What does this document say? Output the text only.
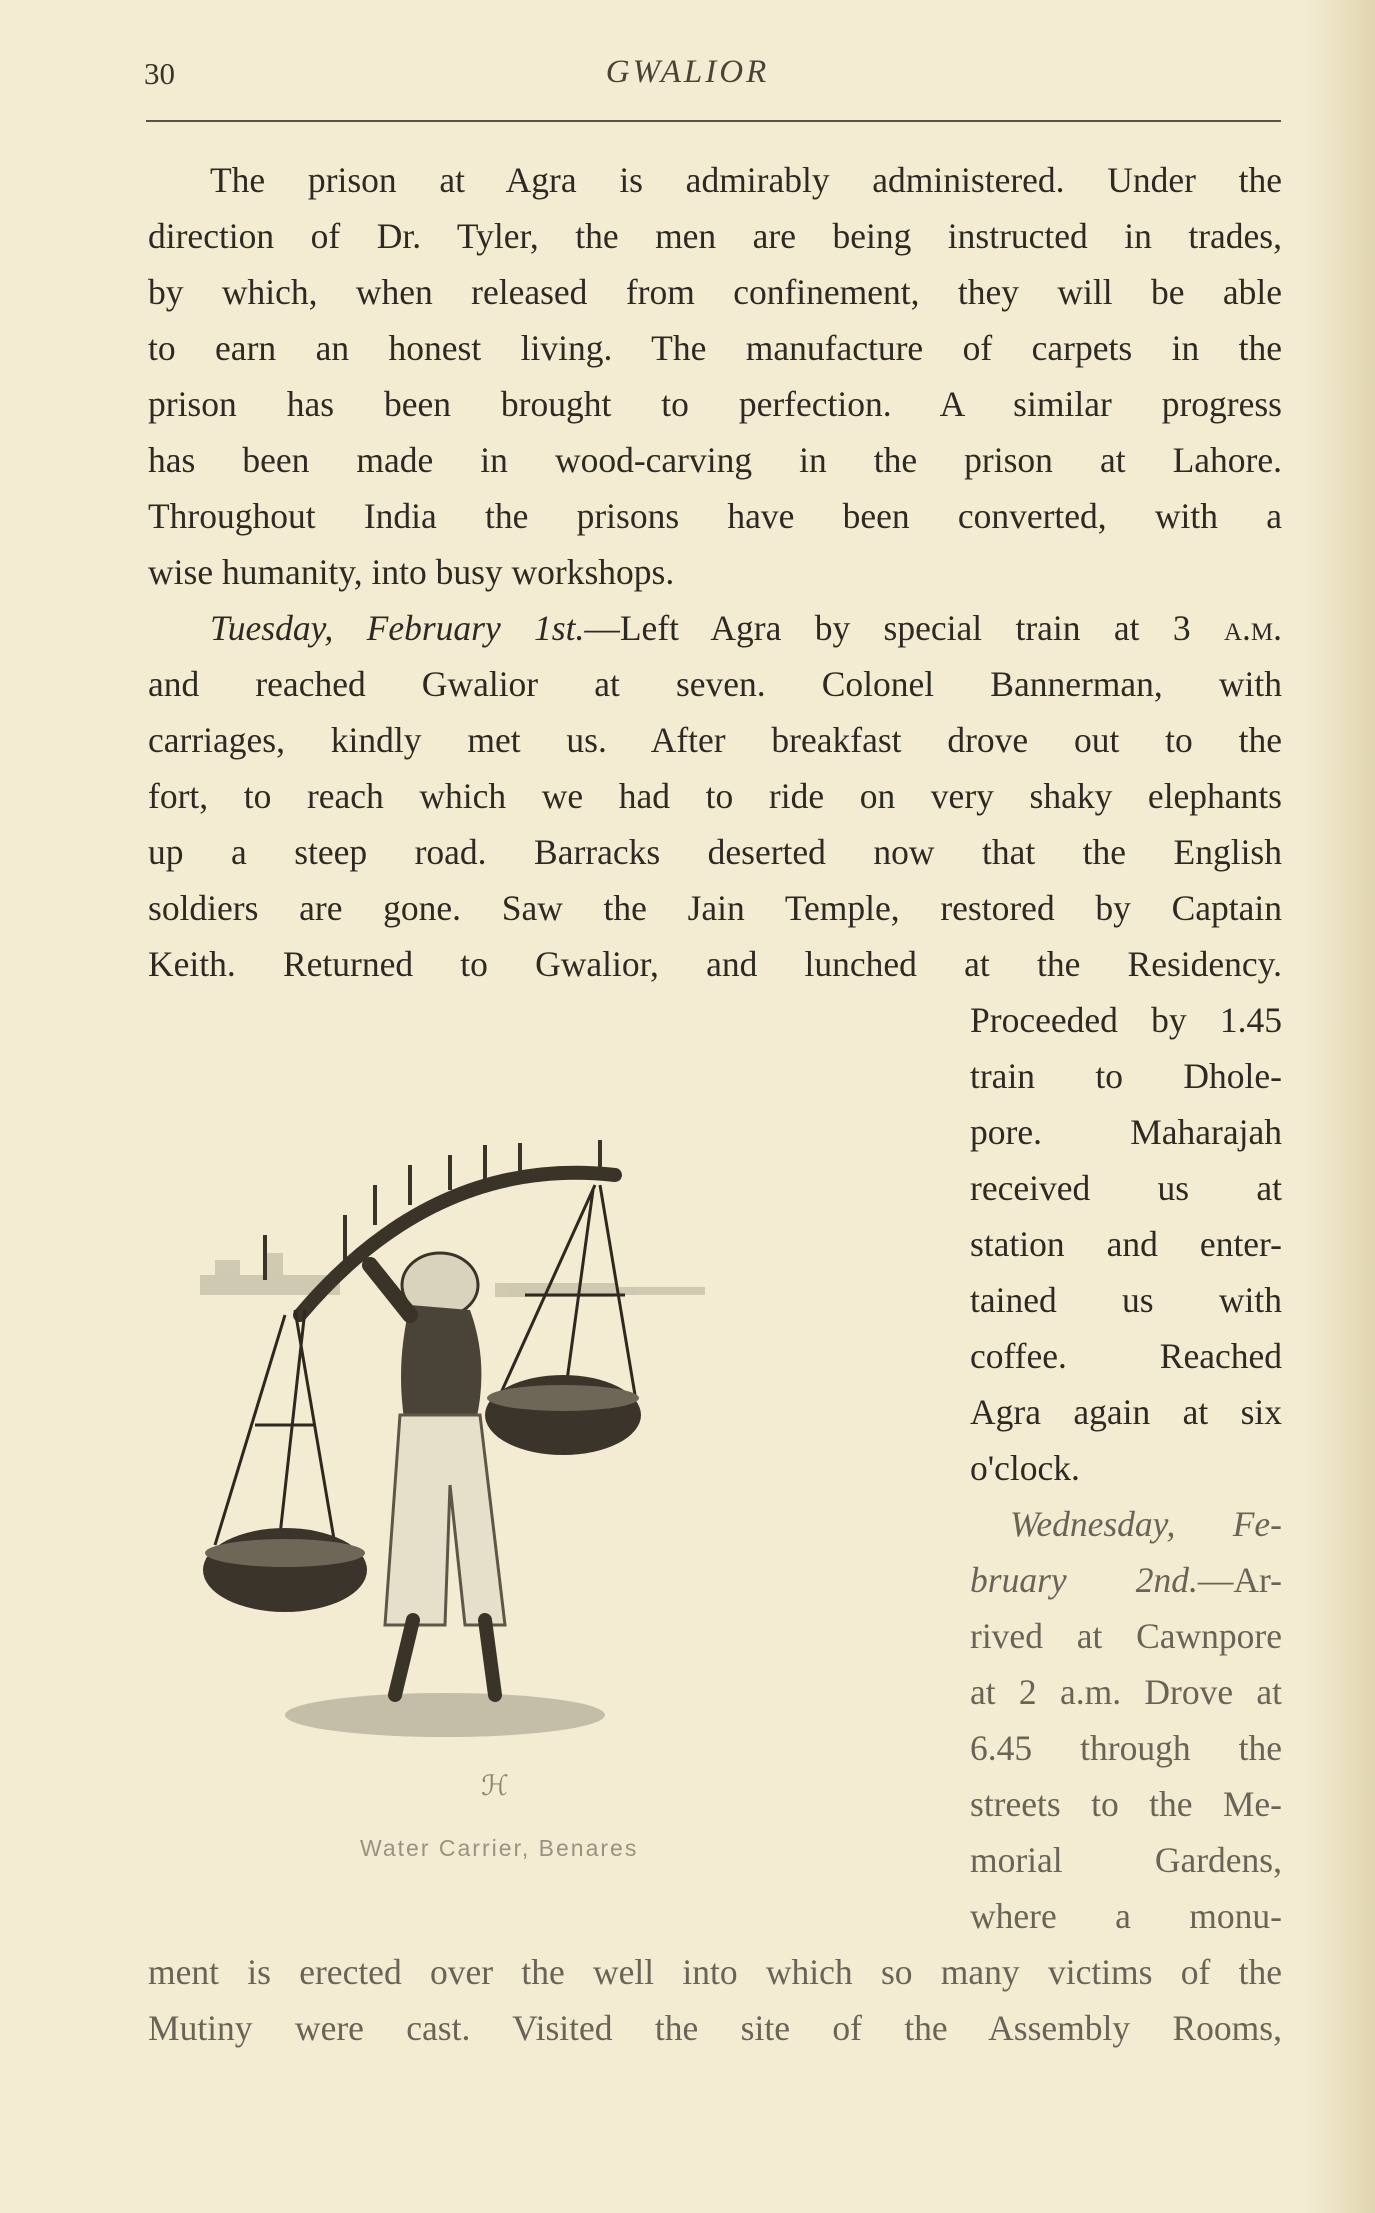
30	GWALIOR
The prison at Agra is admirably administered. Under the
direction of Dr. Tyler, the men are being instructed in trades,
by which, when released from confinement, they will be able
to earn an honest living. The manufacture of carpets in the
prison has been brought to perfection. A similar progress
has been made in wood-carving in the prison at Lahore.
Throughout India the prisons have been converted, with a
wise humanity, into busy workshops.
Tuesday, February 1st.—Left Agra by special train at 3 a.m.
and reached Gwalior at seven. Colonel Bannerman, with
carriages, kindly met us. After breakfast drove out to the
fort, to reach which we had to ride on very shaky elephants
up a steep road. Barracks deserted now that the English
soldiers are gone. Saw the Jain Temple, restored by Captain
Keith. Returned to Gwalior, and lunched at the Residency.
Proceeded by 1.45
train to Dhole-
pore. Maharajah
received us at
station and enter-
tained us with
coffee. Reached
Agra again at six
o'clock.
Wednesday, Fe-
bruary 2nd.—Ar-
rived at Cawnpore
at 2 a.m. Drove at
6.45 through the
streets to the Me-
morial Gardens,
where a monu-
ment is erected over the well into which so many victims of the
Mutiny were cast. Visited the site of the Assembly Rooms,
ℋ
Water Carrier, Benares
